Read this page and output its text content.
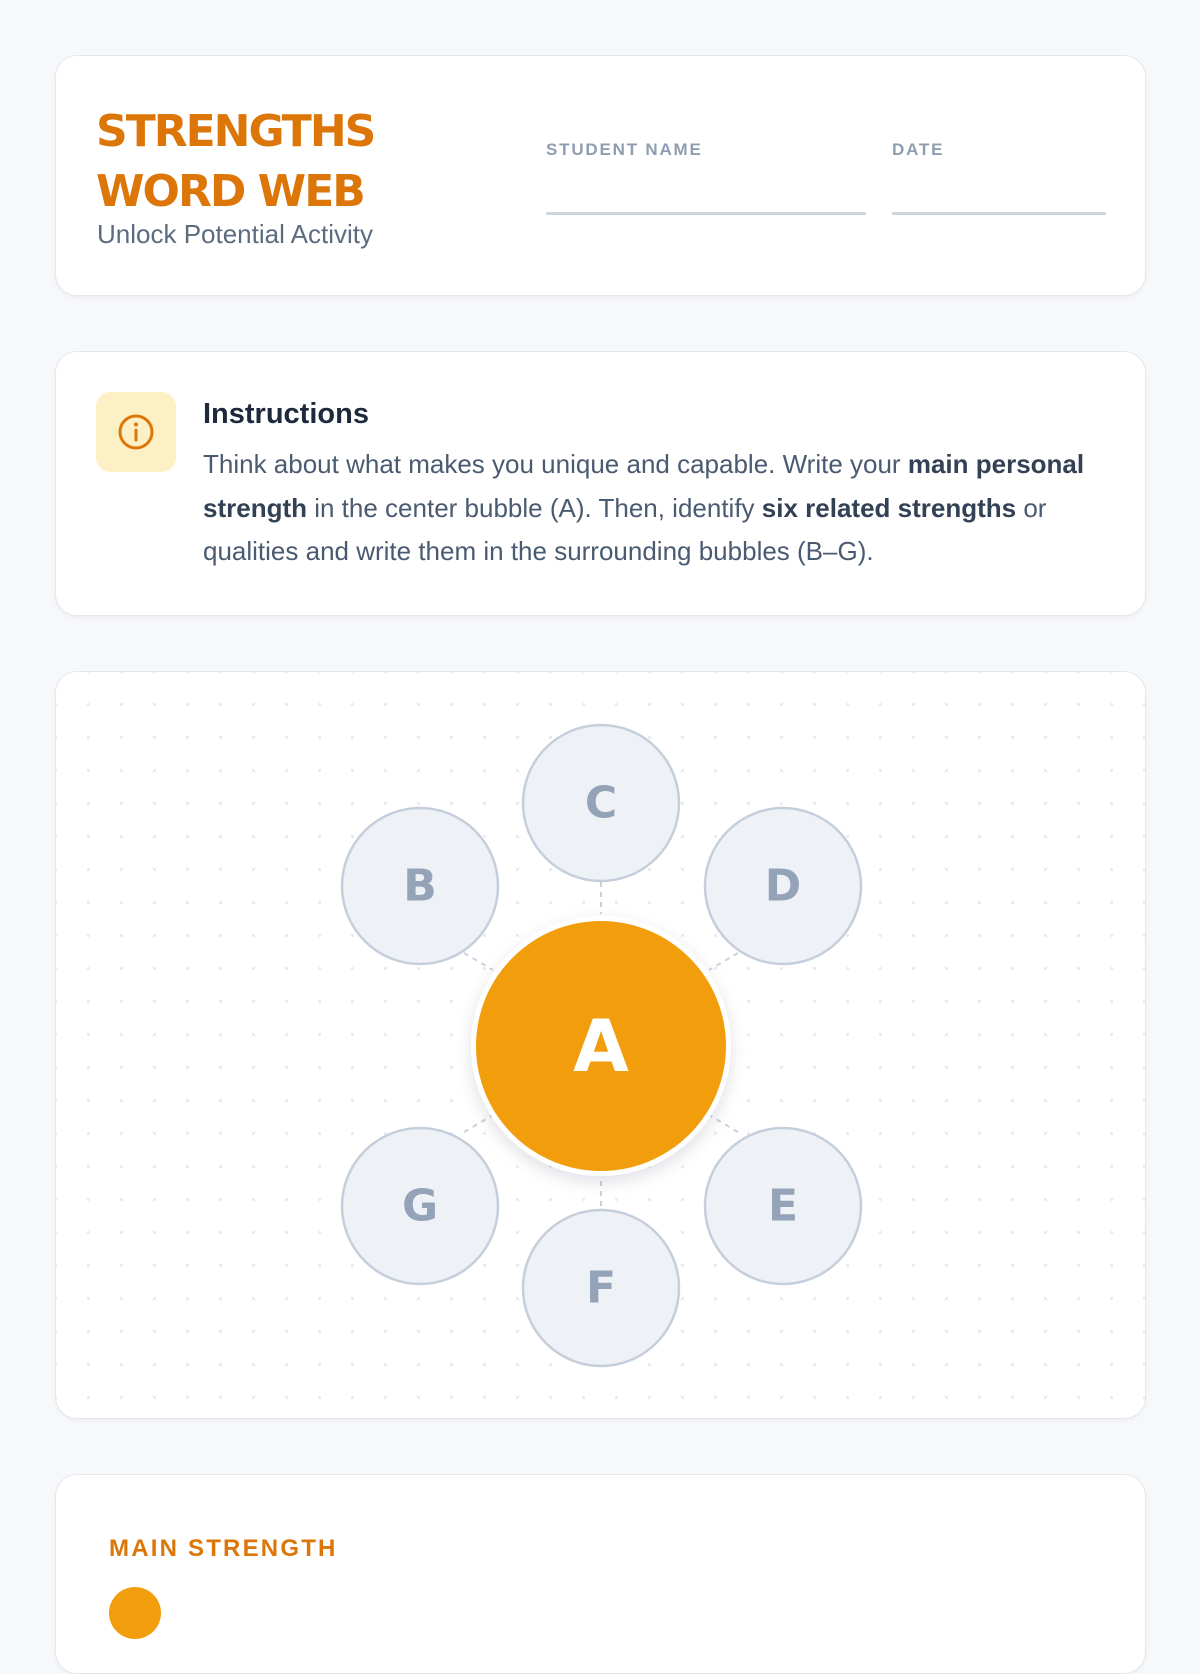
STRENGTHS
WORD WEB
Unlock Potential Activity
STUDENT NAME	DATE
Instructions
Think about what makes you unique and capable. Write your main personal strength in the center bubble (A). Then, identify six related strengths or qualities and write them in the surrounding bubbles (B–G).
C
B	D
G	E
F
A
MAIN STRENGTH
